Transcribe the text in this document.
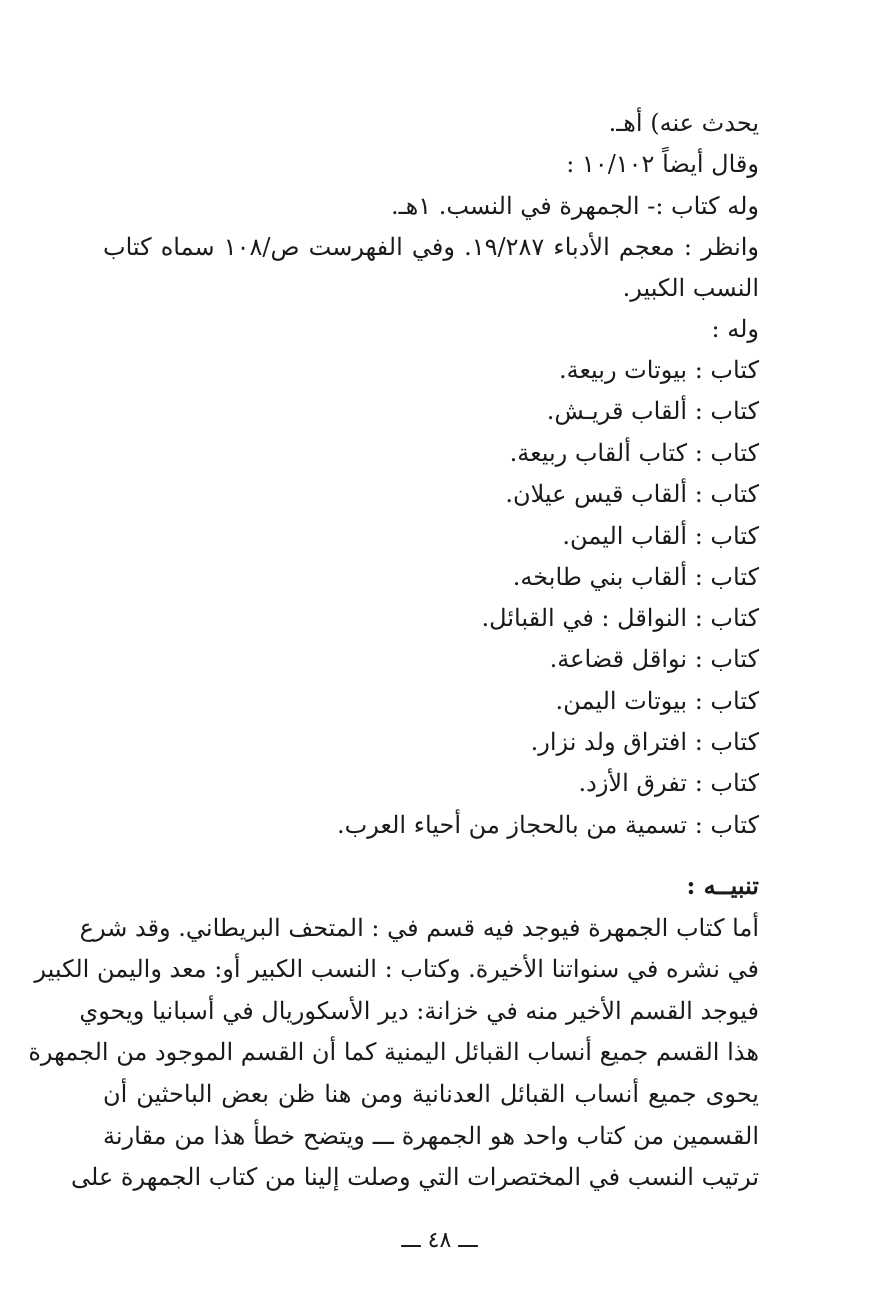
يحدث عنه) أهـ.
وقال أيضاً ١٠/١٠٢ :
وله كتاب :- الجمهرة في النسب. ١هـ.
وانظر : معجم الأدباء ١٩/٢٨٧. وفي الفهرست ص/١٠٨ سماه كتاب
النسب الكبير.
وله :
كتاب : بيوتات ربيعة.
كتاب : ألقاب قريـش.
كتاب : كتاب ألقاب ربيعة.
كتاب : ألقاب قيس عيلان.
كتاب : ألقاب اليمن.
كتاب : ألقاب بني طابخه.
كتاب : النواقل : في القبائل.
كتاب : نواقل قضاعة.
كتاب : بيوتات اليمن.
كتاب : افتراق ولد نزار.
كتاب : تفرق الأزد.
كتاب : تسمية من بالحجاز من أحياء العرب.
تنبيــه :
أما كتاب الجمهرة فيوجد فيه قسم في : المتحف البريطاني. وقد شرع
في نشره في سنواتنا الأخيرة. وكتاب : النسب الكبير أو: معد واليمن الكبير
فيوجد القسم الأخير منه في خزانة: دير الأسكوريال في أسبانيا ويحوي
هذا القسم جميع أنساب القبائل اليمنية كما أن القسم الموجود من الجمهرة
يحوى جميع أنساب القبائل العدنانية ومن هنا ظن بعض الباحثين أن
القسمين من كتاب واحد هو الجمهرة ـــ ويتضح خطأ هذا من مقارنة
ترتيب النسب في المختصرات التي وصلت إلينا من كتاب الجمهرة على
ـــ ٤٨ ـــ
